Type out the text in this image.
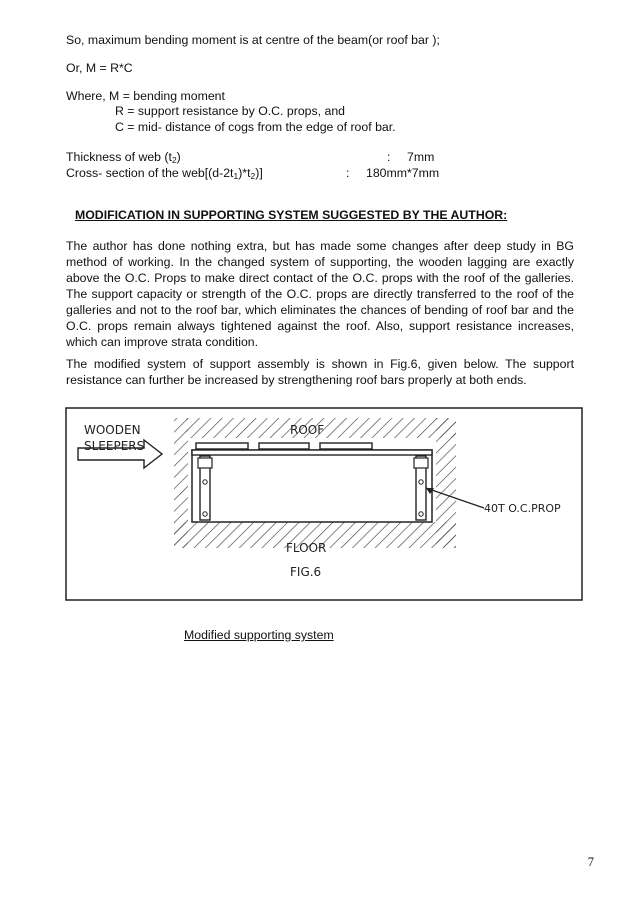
So, maximum bending moment is at centre of the beam(or roof bar );
Or, M = R*C
Where, M = bending moment
R = support resistance by O.C. props, and
C = mid- distance of cogs from the edge of roof bar.
Thickness of web $(t_2)$	: 7mm
Cross- section of the $web[(d-2t_1)*t_2)$]	: 180mm*7mm
MODIFICATION IN SUPPORTING SYSTEM SUGGESTED BY THE AUTHOR:
The author has done nothing extra, but has made some changes after deep study in BG method of working. In the changed system of supporting, the wooden lagging are exactly above the O.C. Props to make direct contact of the O.C. props with the roof of the galleries. The support capacity or strength of the O.C. props are directly transferred to the roof of the galleries and not to the roof bar, which eliminates the chances of bending of roof bar and the O.C. props remain always tightened against the roof. Also, support resistance increases, which can improve strata condition.
The modified system of support assembly is shown in Fig.6, given below. The support resistance can further be increased by strengthening roof bars properly at both ends.
ROOF
WOODEN
SLEEPERS
40T O.C.PROP
FLOOR
FIG.6
Modified supporting system
7
